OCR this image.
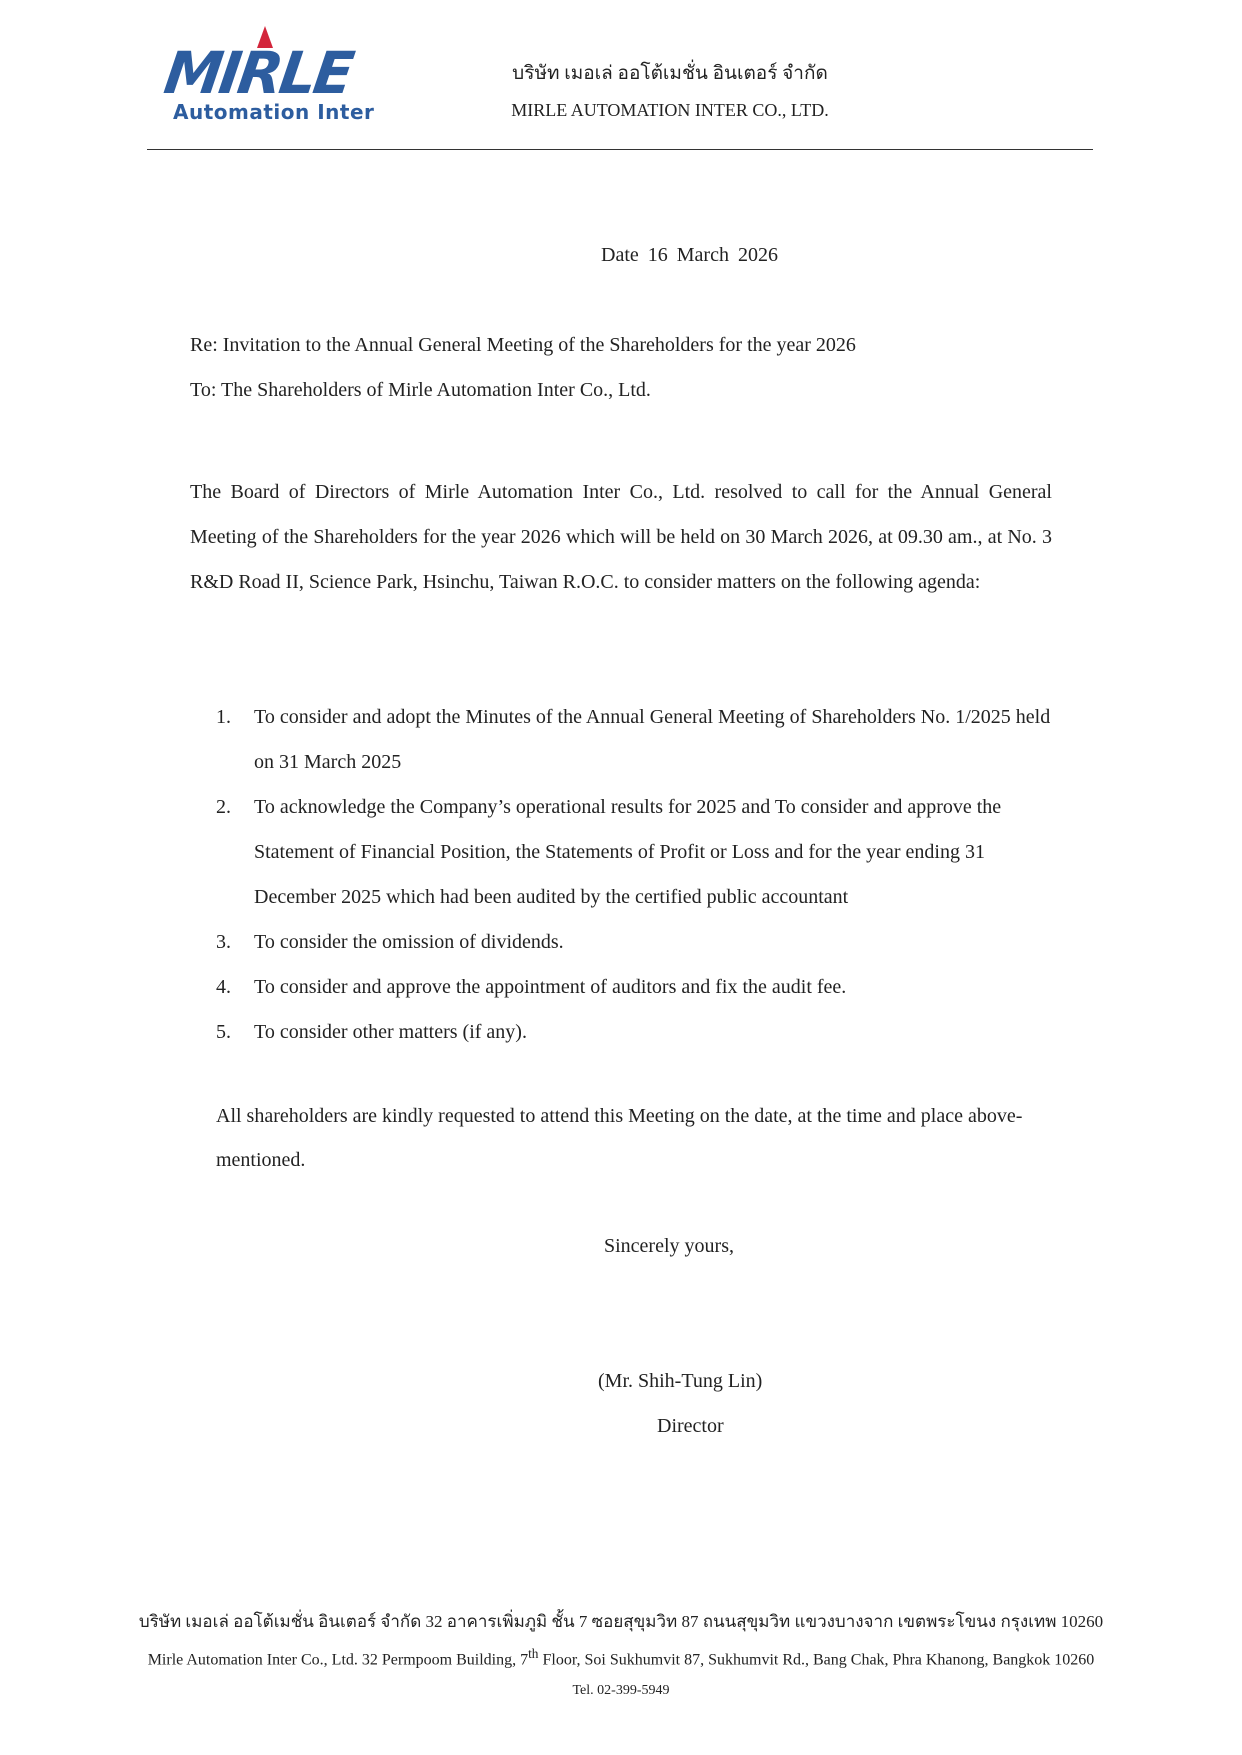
MIRLE
Automation Inter
บริษัท เมอเล่ ออโต้เมชั่น อินเตอร์ จำกัด
MIRLE AUTOMATION INTER CO., LTD.
Date 16 March 2026
Re: Invitation to the Annual General Meeting of the Shareholders for the year 2026
To: The Shareholders of Mirle Automation Inter Co., Ltd.
The Board of Directors of Mirle Automation Inter Co., Ltd. resolved to call for the Annual General Meeting of the Shareholders for the year 2026 which will be held on 30 March 2026, at 09.30 am., at No. 3 R&D Road II, Science Park, Hsinchu, Taiwan R.O.C. to consider matters on the following agenda:
1.	To consider and adopt the Minutes of the Annual General Meeting of Shareholders No. 1/2025 held on 31 March 2025
2.	To acknowledge the Company’s operational results for 2025 and To consider and approve the Statement of Financial Position, the Statements of Profit or Loss and for the year ending 31 December 2025 which had been audited by the certified public accountant
3.	To consider the omission of dividends.
4.	To consider and approve the appointment of auditors and fix the audit fee.
5.	To consider other matters (if any).
All shareholders are kindly requested to attend this Meeting on the date, at the time and place above-mentioned.
Sincerely yours,
(Mr. Shih-Tung Lin)
Director
บริษัท เมอเล่ ออโต้เมชั่น อินเตอร์ จำกัด 32 อาคารเพิ่มภูมิ ชั้น 7 ซอยสุขุมวิท 87 ถนนสุขุมวิท แขวงบางจาก เขตพระโขนง กรุงเทพ 10260
Mirle Automation Inter Co., Ltd. 32 Permpoom Building, 7th Floor, Soi Sukhumvit 87, Sukhumvit Rd., Bang Chak, Phra Khanong, Bangkok 10260
Tel. 02-399-5949
